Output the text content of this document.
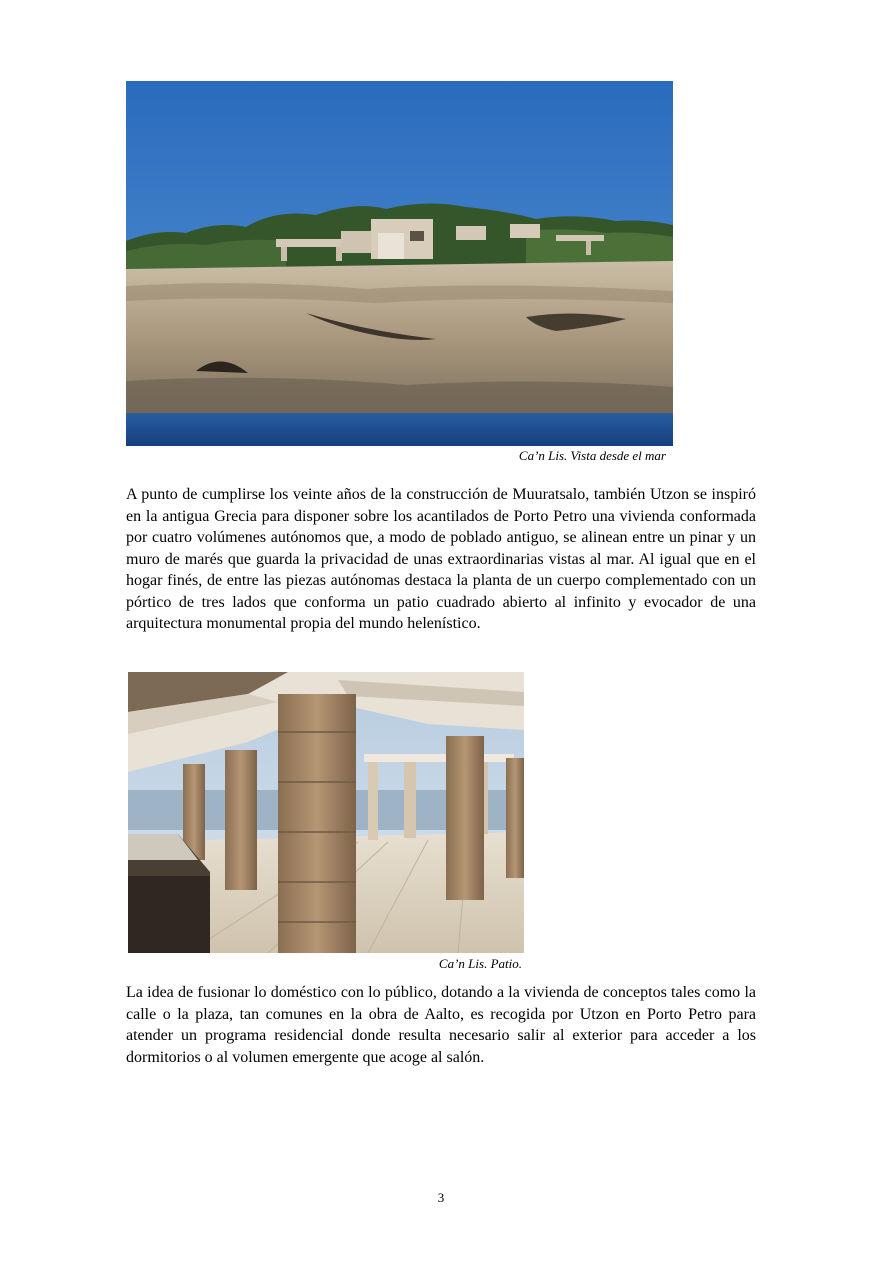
Ca’n Lis. Vista desde el mar

A punto de cumplirse los veinte años de la construcción de Muuratsalo, también Utzon se inspiró en la antigua Grecia para disponer sobre los acantilados de Porto Petro una vivienda conformada por cuatro volúmenes autónomos que, a modo de poblado antiguo, se alinean entre un pinar y un muro de marés que guarda la privacidad de unas extraordinarias vistas al mar. Al igual que en el hogar finés, de entre las piezas autónomas destaca la planta de un cuerpo complementado con un pórtico de tres lados que conforma un patio cuadrado abierto al infinito y evocador de una arquitectura monumental propia del mundo helenístico.

Ca’n Lis. Patio.

La idea de fusionar lo doméstico con lo público, dotando a la vivienda de conceptos tales como la calle o la plaza, tan comunes en la obra de Aalto, es recogida por Utzon en Porto Petro para atender un programa residencial donde resulta necesario salir al exterior para acceder a los dormitorios o al volumen emergente que acoge al salón.

3
